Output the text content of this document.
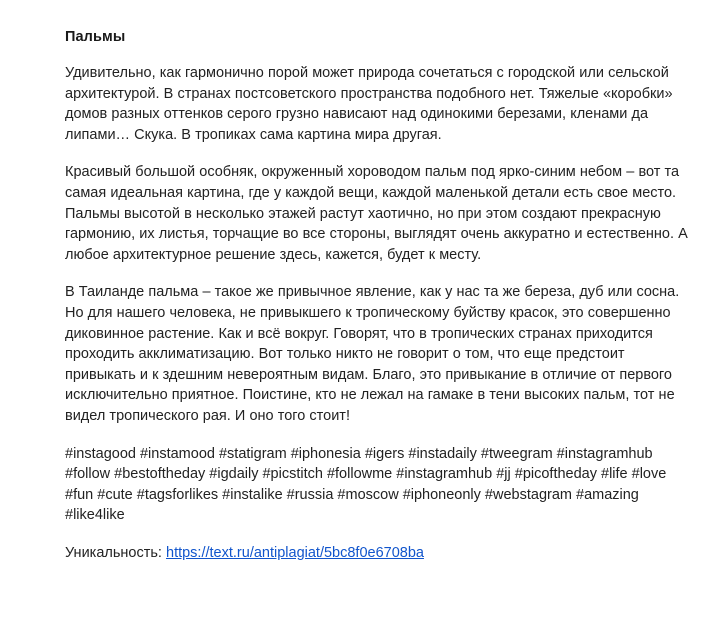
Пальмы

Удивительно, как гармонично порой может природа сочетаться с городской или сельской архитектурой. В странах постсоветского пространства подобного нет. Тяжелые «коробки» домов разных оттенков серого грузно нависают над одинокими березами, кленами да липами… Скука. В тропиках сама картина мира другая.

Красивый большой особняк, окруженный хороводом пальм под ярко-синим небом – вот та самая идеальная картина, где у каждой вещи, каждой маленькой детали есть свое место. Пальмы высотой в несколько этажей растут хаотично, но при этом создают прекрасную гармонию, их листья, торчащие во все стороны, выглядят очень аккуратно и естественно. А любое архитектурное решение здесь, кажется, будет к месту.

В Таиланде пальма – такое же привычное явление, как у нас та же береза, дуб или сосна. Но для нашего человека, не привыкшего к тропическому буйству красок, это совершенно диковинное растение. Как и всё вокруг. Говорят, что в тропических странах приходится проходить акклиматизацию. Вот только никто не говорит о том, что еще предстоит привыкать и к здешним невероятным видам. Благо, это привыкание в отличие от первого исключительно приятное. Поистине, кто не лежал на гамаке в тени высоких пальм, тот не видел тропического рая. И оно того стоит!

#instagood #instamood #statigram #iphonesia #igers #instadaily #tweegram #instagramhub #follow #bestoftheday #igdaily #picstitch #followme #instagramhub #jj #picoftheday #life #love #fun #cute #tagsforlikes #instalike #russia #moscow #iphoneonly #webstagram #amazing #like4like

Уникальность: https://text.ru/antiplagiat/5bc8f0e6708ba
